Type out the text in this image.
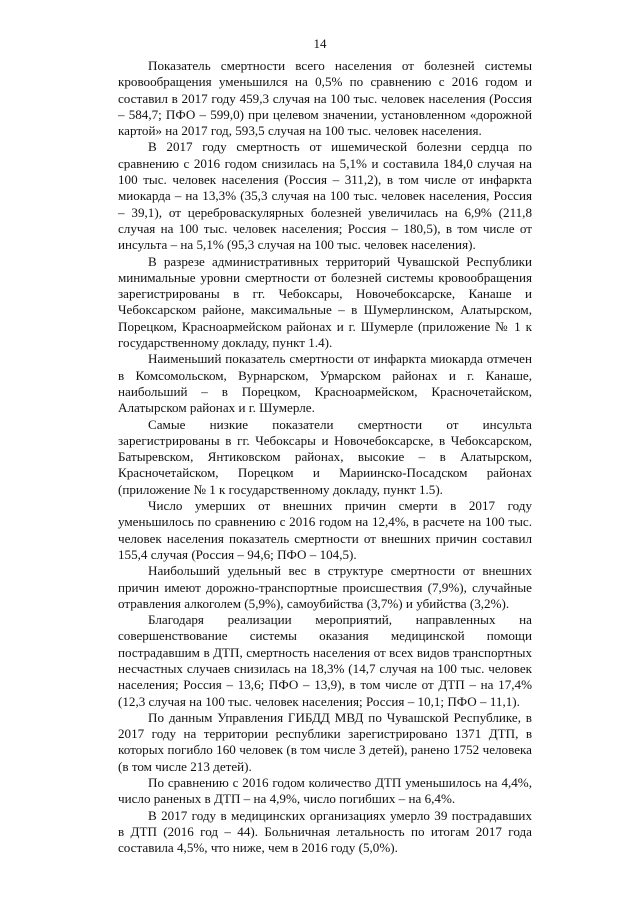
14

Показатель смертности всего населения от болезней системы кровообращения уменьшился на 0,5% по сравнению с 2016 годом и составил в 2017 году 459,3 случая на 100 тыс. человек населения (Россия – 584,7; ПФО – 599,0) при целевом значении, установленном «дорожной картой» на 2017 год, 593,5 случая на 100 тыс. человек населения.

В 2017 году смертность от ишемической болезни сердца по сравнению с 2016 годом снизилась на 5,1% и составила 184,0 случая на 100 тыс. человек населения (Россия – 311,2), в том числе от инфаркта миокарда – на 13,3% (35,3 случая на 100 тыс. человек населения, Россия – 39,1), от цереброваскулярных болезней увеличилась на 6,9% (211,8 случая на 100 тыс. человек населения; Россия – 180,5), в том числе от инсульта – на 5,1% (95,3 случая на 100 тыс. человек населения).

В разрезе административных территорий Чувашской Республики минимальные уровни смертности от болезней системы кровообращения зарегистрированы в гг. Чебоксары, Новочебоксарске, Канаше и Чебоксарском районе, максимальные – в Шумерлинском, Алатырском, Порецком, Красноармейском районах и г. Шумерле (приложение № 1 к государственному докладу, пункт 1.4).

Наименьший показатель смертности от инфаркта миокарда отмечен в Комсомольском, Вурнарском, Урмарском районах и г. Канаше, наибольший – в Порецком, Красноармейском, Красночетайском, Алатырском районах и г. Шумерле.

Самые низкие показатели смертности от инсульта зарегистрированы в гг. Чебоксары и Новочебоксарске, в Чебоксарском, Батыревском, Янтиковском районах, высокие – в Алатырском, Красночетайском, Порецком и Мариинско-Посадском районах (приложение № 1 к государственному докладу, пункт 1.5).

Число умерших от внешних причин смерти в 2017 году уменьшилось по сравнению с 2016 годом на 12,4%, в расчете на 100 тыс. человек населения показатель смертности от внешних причин составил 155,4 случая (Россия – 94,6; ПФО – 104,5).

Наибольший удельный вес в структуре смертности от внешних причин имеют дорожно-транспортные происшествия (7,9%), случайные отравления алкоголем (5,9%), самоубийства (3,7%) и убийства (3,2%).

Благодаря реализации мероприятий, направленных на совершенствование системы оказания медицинской помощи пострадавшим в ДТП, смертность населения от всех видов транспортных несчастных случаев снизилась на 18,3% (14,7 случая на 100 тыс. человек населения; Россия – 13,6; ПФО – 13,9), в том числе от ДТП – на 17,4% (12,3 случая на 100 тыс. человек населения; Россия – 10,1; ПФО – 11,1).

По данным Управления ГИБДД МВД по Чувашской Республике, в 2017 году на территории республики зарегистрировано 1371 ДТП, в которых погибло 160 человек (в том числе 3 детей), ранено 1752 человека (в том числе 213 детей).

По сравнению с 2016 годом количество ДТП уменьшилось на 4,4%, число раненых в ДТП – на 4,9%, число погибших – на 6,4%.

В 2017 году в медицинских организациях умерло 39 пострадавших в ДТП (2016 год – 44). Больничная летальность по итогам 2017 года составила 4,5%, что ниже, чем в 2016 году (5,0%).
